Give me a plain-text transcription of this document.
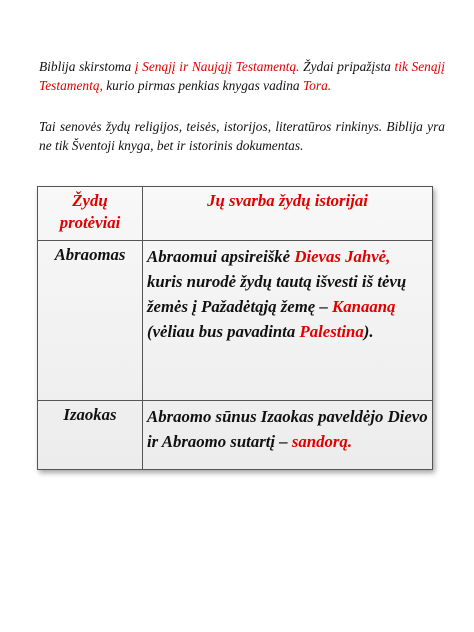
Biblija skirstoma į Senąjį ir Naująjį Testamentą. Žydai pripažįsta tik Senąjį Testamentą, kurio pirmas penkias knygas vadina Tora.

Tai senovės žydų religijos, teisės, istorijos, literatūros rinkinys. Biblija yra ne tik Šventoji knyga, bet ir istorinis dokumentas.

Žydų protėviai	Jų svarba žydų istorijai
Abraomas	Abraomui apsireiškė Dievas Jahvė, kuris nurodė žydų tautą išvesti iš tėvų žemės į Pažadėtąją žemę – Kanaaną (vėliau bus pavadinta Palestina).
Izaokas	Abraomo sūnus Izaokas paveldėjo Dievo ir Abraomo sutartį – sandorą.
